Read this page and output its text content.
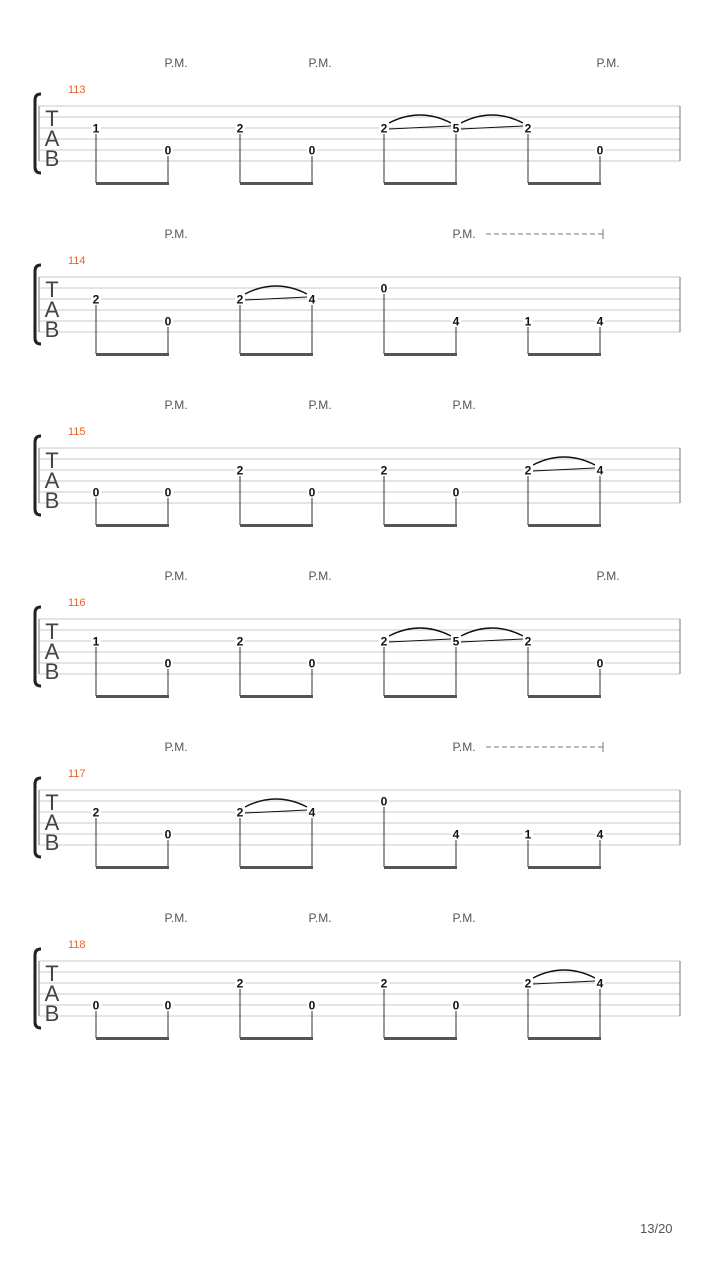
P.M.	P.M.	P.M.
113
T
A
B
1
0
2
0
2	5	2
0
P.M.	P.M.
114
T
A
B
2
0
2	4
0
4	1	4
P.M.	P.M.	P.M.
115
T
A
B	0	0
2
0
2
0
2	4
P.M.	P.M.	P.M.
116
T
A
B
1
0
2
0
2	5	2
0
P.M.	P.M.
117
T
A
B
2
0
2	4
0
4	1	4
P.M.	P.M.	P.M.
118
T
A
B	0	0
2
0
2
0
2	4
13/20
